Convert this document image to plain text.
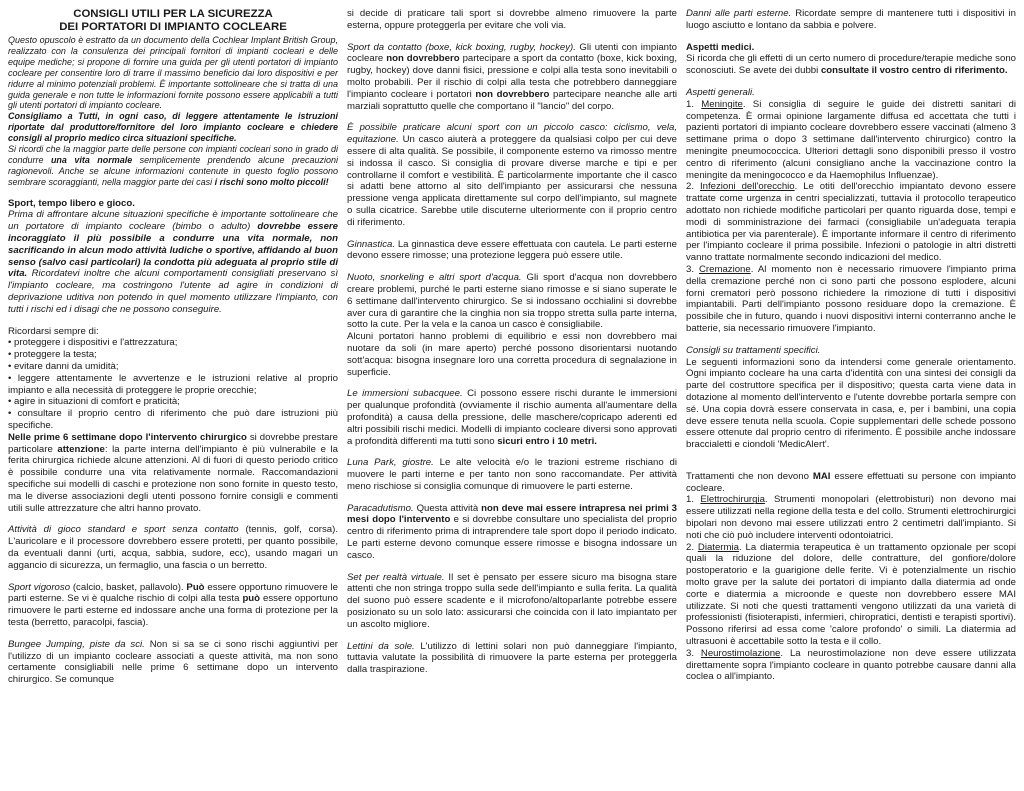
CONSIGLI UTILI PER LA SICUREZZA
DEI PORTATORI DI IMPIANTO COCLEARE

Questo opuscolo è estratto da un documento della Cochlear Implant British Group, realizzato con la consulenza dei principali fornitori di impianti cocleari e delle equipe mediche; si propone di fornire una guida per gli utenti portatori di impianto cocleare per consentire loro di trarre il massimo beneficio dai loro dispositivi e per ridurre al minimo potenziali problemi. È importante sottolineare che si tratta di una guida generale e non tutte le informazioni fornite possono essere applicabili a tutti gli utenti portatori di impianto cocleare.

Consigliamo a Tutti, in ogni caso, di leggere attentamente le istruzioni riportate dal produttore/fornitore del loro impianto cocleare e chiedere consigli al proprio medico circa situazioni specifiche.

Si ricordi che la maggior parte delle persone con impianti cocleari sono in grado di condurre una vita normale semplicemente prendendo alcune precauzioni ragionevoli. Anche se alcune informazioni contenute in questo foglio possono sembrare scoraggianti, nella maggior parte dei casi i rischi sono molto piccoli!

Sport, tempo libero e gioco.

Prima di affrontare alcune situazioni specifiche è importante sottolineare che un portatore di impianto cocleare (bimbo o adulto) dovrebbe essere incoraggiato il più possibile a condurre una vita normale, non sacrificando in alcun modo attività ludiche o sportive, affidando al buon senso (salvo casi particolari) la condotta più adeguata al proprio stile di vita. Ricordatevi inoltre che alcuni comportamenti consigliati preservano sì l'impianto cocleare, ma costringono l'utente ad agire in condizioni di deprivazione uditiva non potendo in quel momento utilizzare l'impianto, con tutti i rischi ed i disagi che ne possono conseguire.

Ricordarsi sempre di:

• proteggere i dispositivi e l'attrezzatura;
• proteggere la testa;
• evitare danni da umidità;
• leggere attentamente le avvertenze e le istruzioni relative al proprio impianto e alla necessità di proteggere le proprie orecchie;
• agire in situazioni di comfort e praticità;
• consultare il proprio centro di riferimento che può dare istruzioni più specifiche.

Nelle prime 6 settimane dopo l'intervento chirurgico si dovrebbe prestare particolare attenzione: la parte interna dell'impianto è più vulnerabile e la ferita chirurgica richiede alcune attenzioni. Al di fuori di questo periodo critico è possibile condurre una vita relativamente normale. Raccomandazioni specifiche sui modelli di caschi e protezione non sono fornite in questo testo, ma le diverse associazioni degli utenti possono fornire consigli e commenti utili sulle attrezzature che altri hanno provato.

Attività di gioco standard e sport senza contatto (tennis, golf, corsa). L'auricolare e il processore dovrebbero essere protetti, per quanto possibile, da eventuali danni (urti, acqua, sabbia, sudore, ecc), usando magari un aggancio di sicurezza, un fermaglio, una fascia o un berretto.

Sport vigoroso (calcio, basket, pallavolo). Può essere opportuno rimuovere le parti esterne. Se vi è qualche rischio di colpi alla testa può essere opportuno rimuovere le parti esterne ed indossare anche una forma di protezione per la testa (berretto, paracolpi, fascia).

Bungee Jumping, piste da sci. Non si sa se ci sono rischi aggiuntivi per l'utilizzo di un impianto cocleare associati a queste attività, ma non sono certamente consigliabili nelle prime 6 settimane dopo un intervento chirurgico. Se comunque

si decide di praticare tali sport si dovrebbe almeno rimuovere la parte esterna, oppure proteggerla per evitare che voli via.

Sport da contatto (boxe, kick boxing, rugby, hockey). Gli utenti con impianto cocleare non dovrebbero partecipare a sport da contatto (boxe, kick boxing, rugby, hockey) dove danni fisici, pressione e colpi alla testa sono inevitabili o molto probabili. Per il rischio di colpi alla testa che potrebbero danneggiare l'impianto cocleare i portatori non dovrebbero partecipare neanche alle arti marziali soprattutto quelle che comportano il "lancio" del corpo.

È possibile praticare alcuni sport con un piccolo casco: ciclismo, vela, equitazione. Un casco aiuterà a proteggere da qualsiasi colpo per cui deve essere di alta qualità. Se possibile, il componente esterno va rimosso mentre si indossa il casco. Si consiglia di provare diverse marche e tipi e per controllarne il comfort e vestibilità. È particolarmente importante che il casco si adatti bene attorno al sito dell'impianto per assicurarsi che nessuna pressione venga applicata direttamente sul corpo dell'impianto, sul magnete o sulla cicatrice. Sarebbe utile discuterne ulteriormente con il proprio centro di riferimento.

Ginnastica. La ginnastica deve essere effettuata con cautela. Le parti esterne devono essere rimosse; una protezione leggera può essere utile.

Nuoto, snorkeling e altri sport d'acqua. Gli sport d'acqua non dovrebbero creare problemi, purché le parti esterne siano rimosse e si siano superate le 6 settimane dall'intervento chirurgico. Se si indossano occhialini si dovrebbe aver cura di garantire che la cinghia non sia troppo stretta sulla parte interna, sotto la cute. Per la vela e la canoa un casco è consigliabile.

Alcuni portatori hanno problemi di equilibrio e essi non dovrebbero mai nuotare da soli (in mare aperto) perché possono disorientarsi nuotando sott'acqua: bisogna insegnare loro una corretta procedura di segnalazione in superficie.

Le immersioni subacquee. Ci possono essere rischi durante le immersioni per qualunque profondità (ovviamente il rischio aumenta all'aumentare della profondità) a causa della pressione, delle maschere/copricapo aderenti ed altri possibili rischi medici. Modelli di impianto cocleare diversi sono approvati a profondità differenti ma tutti sono sicuri entro i 10 metri.

Luna Park, giostre. Le alte velocità e/o le trazioni estreme rischiano di muovere le parti interne e per tanto non sono raccomandate. Per attività meno rischiose si consiglia comunque di rimuovere le parti esterne.

Paracadutismo. Questa attività non deve mai essere intrapresa nei primi 3 mesi dopo l'intervento e si dovrebbe consultare uno specialista del proprio centro di riferimento prima di intraprendere tale sport dopo il periodo indicato. Le parti esterne devono comunque essere rimosse e bisogna indossare un casco.

Set per realtà virtuale. Il set è pensato per essere sicuro ma bisogna stare attenti che non stringa troppo sulla sede dell'impianto e sulla ferita. La qualità del suono può essere scadente e il microfono/altoparlante potrebbe essere posizionato su un solo lato: assicurarsi che coincida con il lato impiantato per un ascolto migliore.

Lettini da sole. L'utilizzo di lettini solari non può danneggiare l'impianto, tuttavia valutate la possibilità di rimuovere la parte esterna per proteggerla dalla traspirazione.

Danni alle parti esterne. Ricordate sempre di mantenere tutti i dispositivi in luogo asciutto e lontano da sabbia e polvere.

Aspetti medici.

Si ricorda che gli effetti di un certo numero di procedure/terapie mediche sono sconosciuti. Se avete dei dubbi consultate il vostro centro di riferimento.

Aspetti generali.

1. Meningite. Si consiglia di seguire le guide dei distretti sanitari di competenza. È ormai opinione largamente diffusa ed accettata che tutti i pazienti portatori di impianto cocleare dovrebbero essere vaccinati (almeno 3 settimane prima o dopo 3 settimane dall'intervento chirurgico) contro la meningite pneumococcica. Ulteriori dettagli sono disponibili presso il vostro centro di riferimento (alcuni consigliano anche la vaccinazione contro la meningite da meningococco e da Haemophilus Influenzae).

2. Infezioni dell'orecchio. Le otiti dell'orecchio impiantato devono essere trattate come urgenza in centri specializzati, tuttavia il protocollo terapeutico adottato non richiede modifiche particolari per quanto riguarda dose, tempi e modi di somministrazione dei farmaci (consigliabile un'adeguata terapia antibiotica per via parenterale). È importante informare il centro di riferimento per l'impianto cocleare il prima possibile. Infezioni o patologie in altri distretti vanno trattate normalmente secondo indicazioni del medico.

3. Cremazione. Al momento non è necessario rimuovere l'impianto prima della cremazione perché non ci sono parti che possono esplodere, alcuni forni crematori però possono richiedere la rimozione di tutti i dispositivi impiantabili. Parti dell'impianto possono residuare dopo la cremazione. È possibile che in futuro, quando i nuovi dispositivi interni conterranno anche le batterie, sia necessario rimuovere l'impianto.

Consigli su trattamenti specifici.

Le seguenti informazioni sono da intendersi come generale orientamento. Ogni impianto cocleare ha una carta d'identità con una sintesi dei consigli da parte del costruttore specifica per il dispositivo; questa carta viene data in dotazione al momento dell'intervento e l'utente dovrebbe portarla sempre con sé. Una copia dovrà essere conservata in casa, e, per i bambini, una copia deve essere tenuta nella scuola. Copie supplementari delle schede possono essere ottenute dal proprio centro di riferimento. È possibile anche indossare braccialetti e ciondoli 'MedicAlert'.

Trattamenti che non devono MAI essere effettuati su persone con impianto cocleare.

1. Elettrochirurgia. Strumenti monopolari (elettrobisturi) non devono mai essere utilizzati nella regione della testa e del collo. Strumenti elettrochirurgici bipolari non devono mai essere utilizzati entro 2 centimetri dall'impianto. Si noti che ciò può includere interventi odontoiatrici.

2. Diatermia. La diatermia terapeutica è un trattamento opzionale per scopi quali la riduzione del dolore, delle contratture, del gonfiore/dolore postoperatorio e la guarigione delle ferite. Vi è potenzialmente un rischio molto grave per la salute dei portatori di impianto dalla diatermia ad onde corte e diatermia a microonde e queste non dovrebbero essere MAI utilizzate. Si noti che questi trattamenti vengono utilizzati da una varietà di professionisti (fisioterapisti, infermieri, chiropratici, dentisti e terapisti sportivi). Possono riferirsi ad essa come 'calore profondo' o simili. La diatermia ad ultrasuoni è accettabile sotto la testa e il collo.

3. Neurostimolazione. La neurostimolazione non deve essere utilizzata direttamente sopra l'impianto cocleare in quanto potrebbe causare danni alla coclea o all'impianto.
